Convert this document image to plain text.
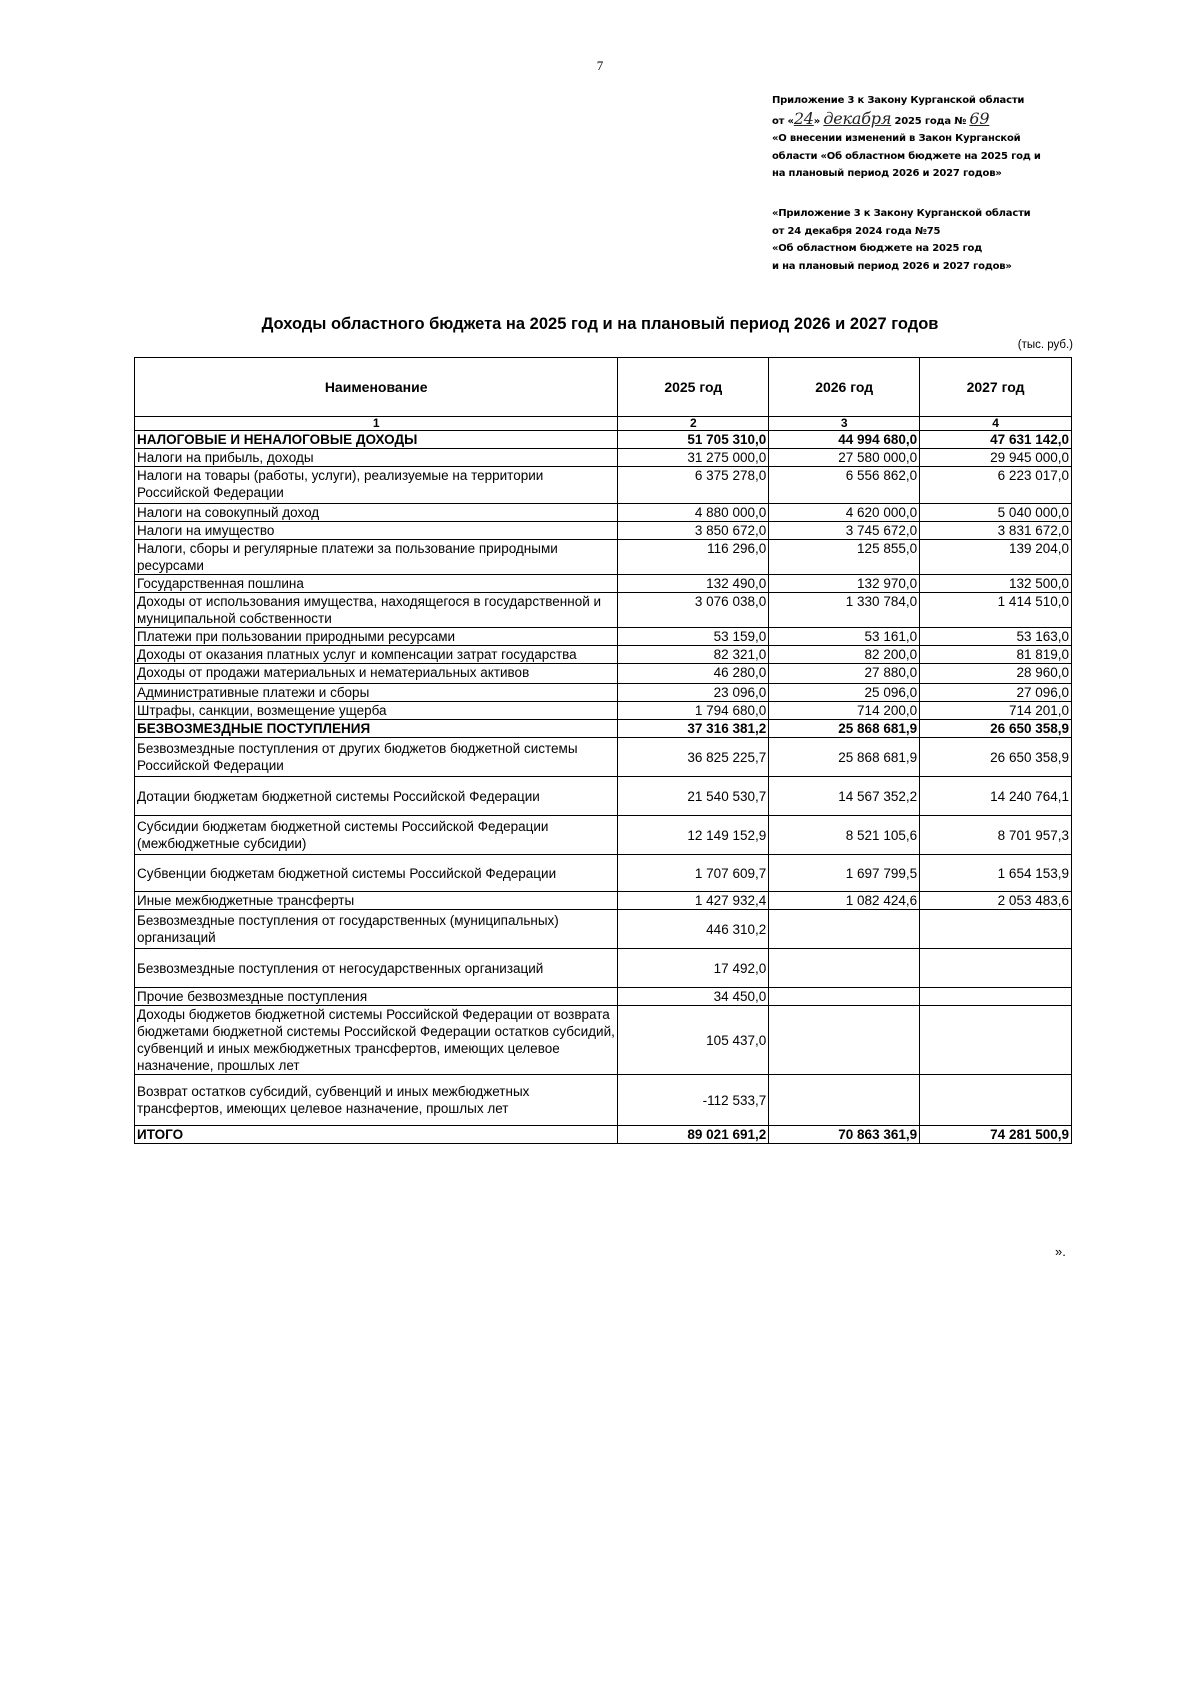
7
Приложение 3 к Закону Курганской области
от «24» декабря 2025 года № 69
«О внесении изменений в Закон Курганской
области «Об областном бюджете на 2025 год и
на плановый период 2026 и 2027 годов»
«Приложение 3 к Закону Курганской области
от 24 декабря 2024 года №75
«Об областном бюджете на 2025 год
и на плановый период 2026 и 2027 годов»
Доходы областного бюджета на 2025 год и на плановый период 2026 и 2027 годов
(тыс. руб.)
Наименование	2025 год	2026 год	2027 год
1	2	3	4
НАЛОГОВЫЕ И НЕНАЛОГОВЫЕ ДОХОДЫ	51 705 310,0	44 994 680,0	47 631 142,0
Налоги на прибыль, доходы	31 275 000,0	27 580 000,0	29 945 000,0
Налоги на товары (работы, услуги), реализуемые на территории Российской Федерации	6 375 278,0	6 556 862,0	6 223 017,0
Налоги на совокупный доход	4 880 000,0	4 620 000,0	5 040 000,0
Налоги на имущество	3 850 672,0	3 745 672,0	3 831 672,0
Налоги, сборы и регулярные платежи за пользование природными ресурсами	116 296,0	125 855,0	139 204,0
Государственная пошлина	132 490,0	132 970,0	132 500,0
Доходы от использования имущества, находящегося в государственной и муниципальной собственности	3 076 038,0	1 330 784,0	1 414 510,0
Платежи при пользовании природными ресурсами	53 159,0	53 161,0	53 163,0
Доходы от оказания платных услуг и компенсации затрат государства	82 321,0	82 200,0	81 819,0
Доходы от продажи материальных и нематериальных активов	46 280,0	27 880,0	28 960,0
Административные платежи и сборы	23 096,0	25 096,0	27 096,0
Штрафы, санкции, возмещение ущерба	1 794 680,0	714 200,0	714 201,0
БЕЗВОЗМЕЗДНЫЕ ПОСТУПЛЕНИЯ	37 316 381,2	25 868 681,9	26 650 358,9
Безвозмездные поступления от других бюджетов бюджетной системы Российской Федерации	36 825 225,7	25 868 681,9	26 650 358,9
Дотации бюджетам бюджетной системы Российской Федерации	21 540 530,7	14 567 352,2	14 240 764,1
Субсидии бюджетам бюджетной системы Российской Федерации (межбюджетные субсидии)	12 149 152,9	8 521 105,6	8 701 957,3
Субвенции бюджетам бюджетной системы Российской Федерации	1 707 609,7	1 697 799,5	1 654 153,9
Иные межбюджетные трансферты	1 427 932,4	1 082 424,6	2 053 483,6
Безвозмездные поступления от государственных (муниципальных) организаций	446 310,2		
Безвозмездные поступления от негосударственных организаций	17 492,0		
Прочие безвозмездные поступления	34 450,0		
Доходы бюджетов бюджетной системы Российской Федерации от возврата бюджетами бюджетной системы Российской Федерации остатков субсидий, субвенций и иных межбюджетных трансфертов, имеющих целевое назначение, прошлых лет	105 437,0		
Возврат остатков субсидий, субвенций и иных межбюджетных трансфертов, имеющих целевое назначение, прошлых лет	-112 533,7		
ИТОГО	89 021 691,2	70 863 361,9	74 281 500,9
».
